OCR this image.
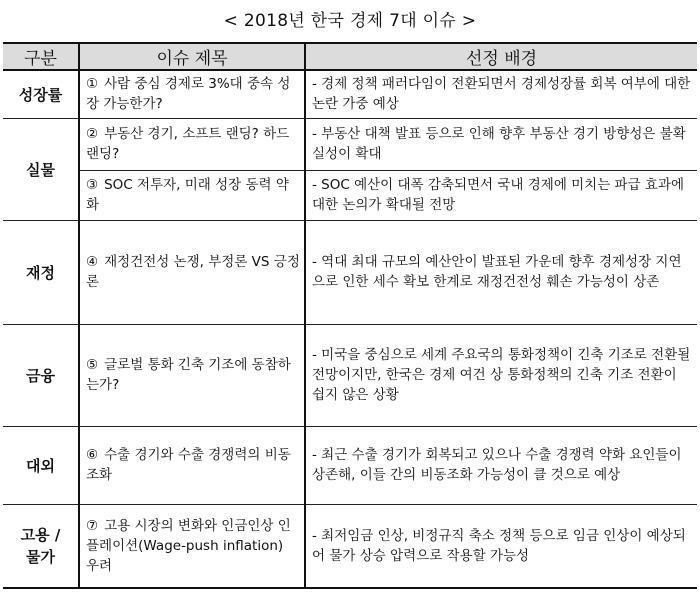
< 2018년 한국 경제 7대 이슈 >
구분	이슈 제목	선정 배경
성장률	① 사람 중심 경제로 3%대 중속 성장 가능한가?	- 경제 정책 패러다임이 전환되면서 경제성장률 회복 여부에 대한 논란 가중 예상
실물	② 부동산 경기, 소프트 랜딩? 하드 랜딩?	- 부동산 대책 발표 등으로 인해 향후 부동산 경기 방향성은 불확실성이 확대
	③ SOC 저투자, 미래 성장 동력 약화	- SOC 예산이 대폭 감축되면서 국내 경제에 미치는 파급 효과에 대한 논의가 확대될 전망
재정	④ 재정건전성 논쟁, 부정론 VS 긍정론	- 역대 최대 규모의 예산안이 발표된 가운데 향후 경제성장 지연으로 인한 세수 확보 한계로 재정건전성 훼손 가능성이 상존
금융	⑤ 글로벌 통화 긴축 기조에 동참하는가?	- 미국을 중심으로 세계 주요국의 통화정책이 긴축 기조로 전환될 전망이지만, 한국은 경제 여건 상 통화정책의 긴축 기조 전환이 쉽지 않은 상황
대외	⑥ 수출 경기와 수출 경쟁력의 비동조화	- 최근 수출 경기가 회복되고 있으나 수출 경쟁력 약화 요인들이 상존해, 이들 간의 비동조화 가능성이 클 것으로 예상
고용 / 물가	⑦ 고용 시장의 변화와 인금인상 인플레이션(Wage-push inflation) 우려	- 최저임금 인상, 비정규직 축소 정책 등으로 임금 인상이 예상되어 물가 상승 압력으로 작용할 가능성
